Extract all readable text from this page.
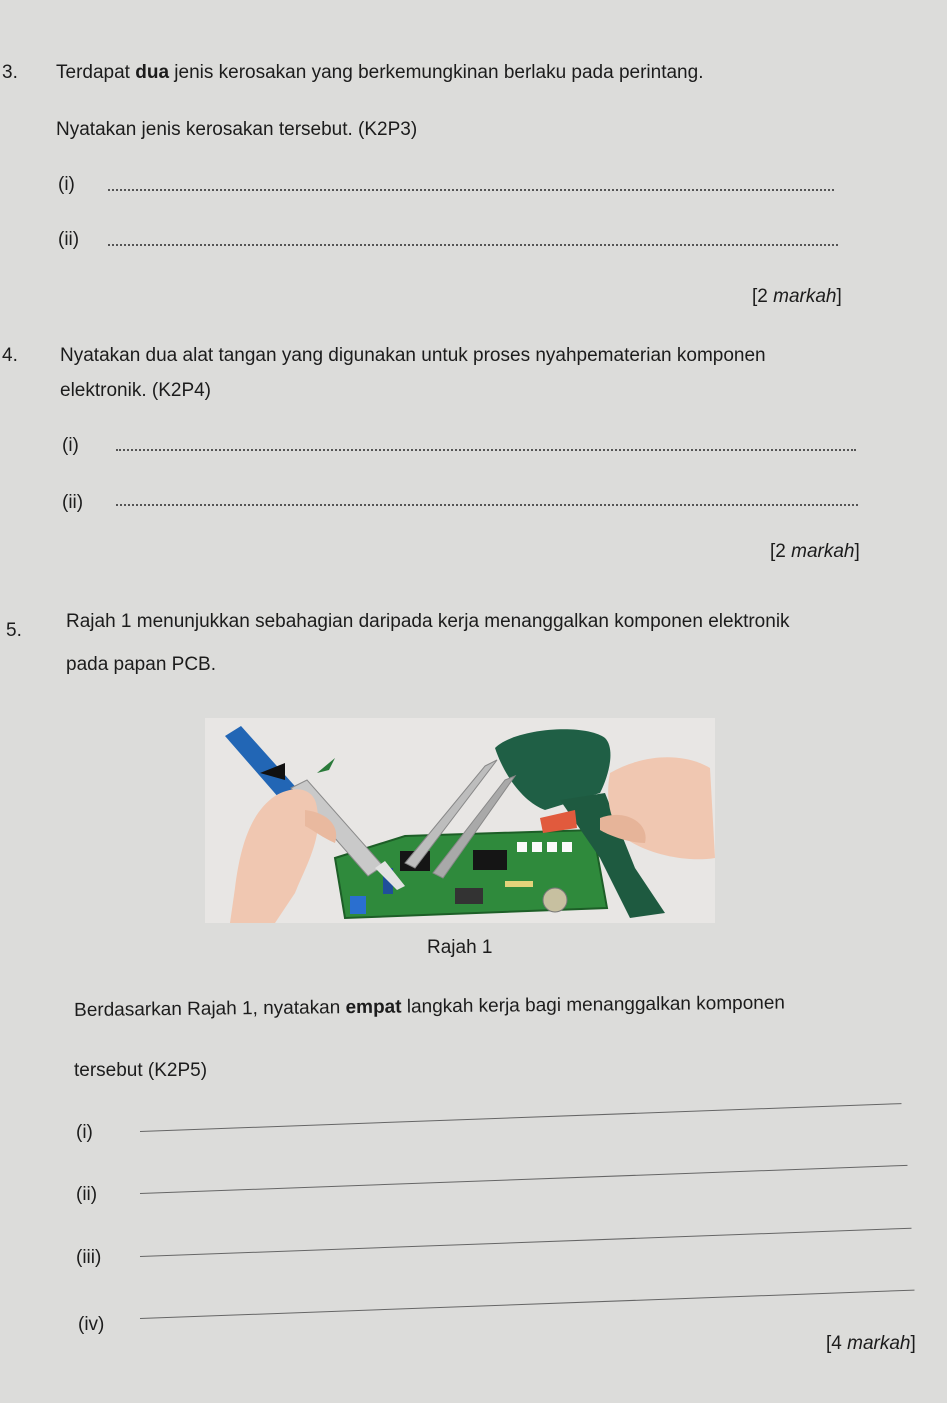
3. Terdapat dua jenis kerosakan yang berkemungkinan berlaku pada perintang.
Nyatakan jenis kerosakan tersebut. (K2P3)
(i)
(ii)
[2 markah]
4. Nyatakan dua alat tangan yang digunakan untuk proses nyahpematerian komponen
elektronik. (K2P4)
(i)
(ii)
[2 markah]
5. Rajah 1 menunjukkan sebahagian daripada kerja menanggalkan komponen elektronik
pada papan PCB.
Rajah 1
Berdasarkan Rajah 1, nyatakan empat langkah kerja bagi menanggalkan komponen
tersebut (K2P5)
(i)
(ii)
(iii)
(iv)
[4 markah]
